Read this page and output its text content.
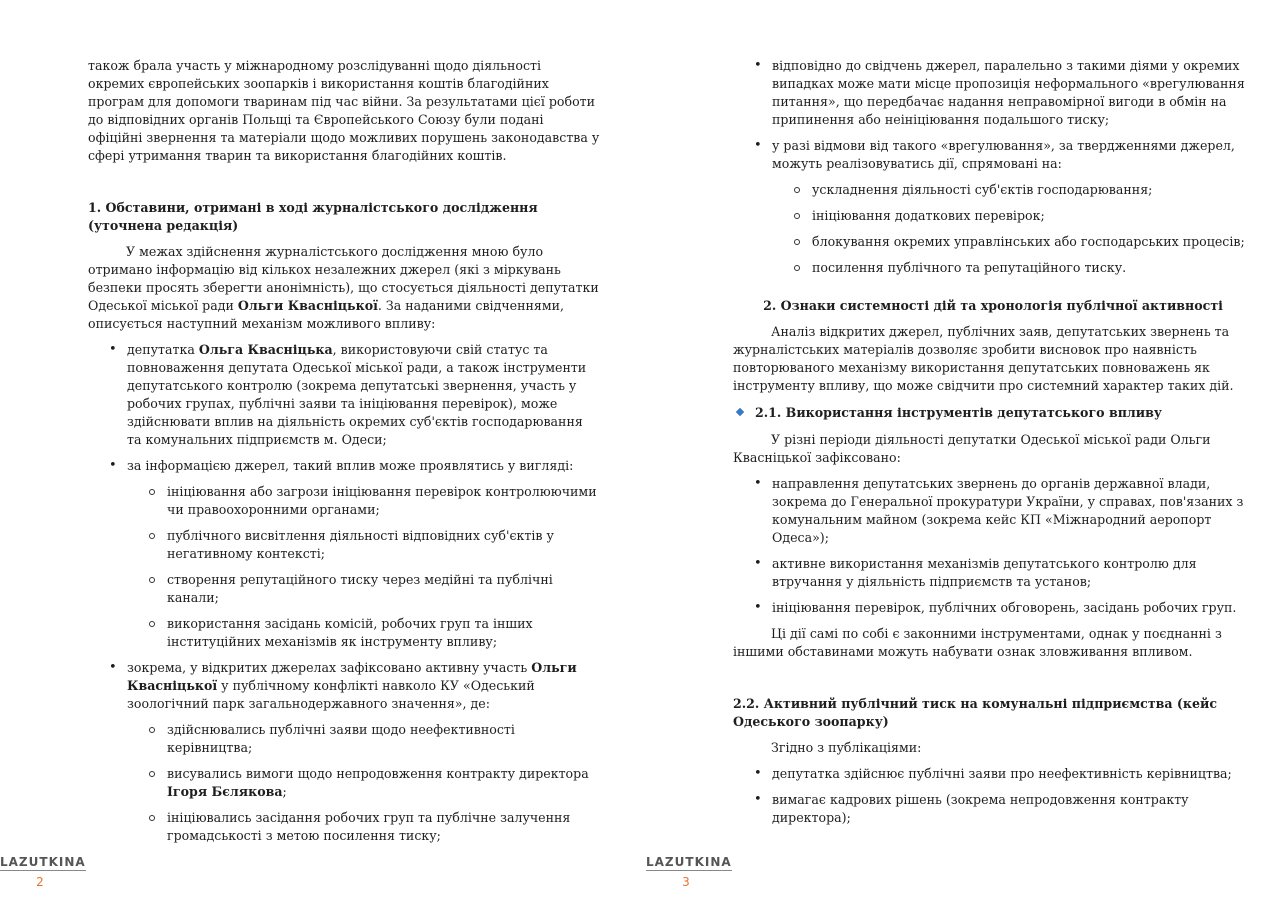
також брала участь у міжнародному розслідуванні щодо діяльності окремих європейських зоопарків і використання коштів благодійних програм для допомоги тваринам під час війни. За результатами цієї роботи до відповідних органів Польщі та Європейського Союзу були подані офіційні звернення та матеріали щодо можливих порушень законодавства у сфері утримання тварин та використання благодійних коштів.

1. Обставини, отримані в ході журналістського дослідження (уточнена редакція)

У межах здійснення журналістського дослідження мною було отримано інформацію від кількох незалежних джерел (які з міркувань безпеки просять зберегти анонімність), що стосується діяльності депутатки Одеської міської ради Ольги Квасніцької. За наданими свідченнями, описується наступний механізм можливого впливу:

• депутатка Ольга Квасніцька, використовуючи свій статус та повноваження депутата Одеської міської ради, а також інструменти депутатського контролю (зокрема депутатські звернення, участь у робочих групах, публічні заяви та ініціювання перевірок), може здійснювати вплив на діяльність окремих суб'єктів господарювання та комунальних підприємств м. Одеси;
• за інформацією джерел, такий вплив може проявлятись у вигляді:
ініціювання або загрози ініціювання перевірок контролюючими чи правоохоронними органами;
публічного висвітлення діяльності відповідних суб'єктів у негативному контексті;
створення репутаційного тиску через медійні та публічні канали;
використання засідань комісій, робочих груп та інших інституційних механізмів як інструменту впливу;
• зокрема, у відкритих джерелах зафіксовано активну участь Ольги Квасніцької у публічному конфлікті навколо КУ «Одеський зоологічний парк загальнодержавного значення», де:
здійснювались публічні заяви щодо неефективності керівництва;
висувались вимоги щодо непродовження контракту директора Ігоря Бєлякова;
ініціювались засідання робочих груп та публічне залучення громадськості з метою посилення тиску;
LAZUTKINA
2
• відповідно до свідчень джерел, паралельно з такими діями у окремих випадках може мати місце пропозиція неформального «врегулювання питання», що передбачає надання неправомірної вигоди в обмін на припинення або неініціювання подальшого тиску;
• у разі відмови від такого «врегулювання», за твердженнями джерел, можуть реалізовуватись дії, спрямовані на:
ускладнення діяльності суб'єктів господарювання;
ініціювання додаткових перевірок;
блокування окремих управлінських або господарських процесів;
посилення публічного та репутаційного тиску.
2. Ознаки системності дій та хронологія публічної активності

Аналіз відкритих джерел, публічних заяв, депутатських звернень та журналістських матеріалів дозволяє зробити висновок про наявність повторюваного механізму використання депутатських повноважень як інструменту впливу, що може свідчити про системний характер таких дій.

2.1. Використання інструментів депутатського впливу

У різні періоди діяльності депутатки Одеської міської ради Ольги Квасніцької зафіксовано:

• направлення депутатських звернень до органів державної влади, зокрема до Генеральної прокуратури України, у справах, пов'язаних з комунальним майном (зокрема кейс КП «Міжнародний аеропорт Одеса»);
• активне використання механізмів депутатського контролю для втручання у діяльність підприємств та установ;
• ініціювання перевірок, публічних обговорень, засідань робочих груп.

Ці дії самі по собі є законними інструментами, однак у поєднанні з іншими обставинами можуть набувати ознак зловживання впливом.

2.2. Активний публічний тиск на комунальні підприємства (кейс Одеського зоопарку)

Згідно з публікаціями:

• депутатка здійснює публічні заяви про неефективність керівництва;
• вимагає кадрових рішень (зокрема непродовження контракту директора);
LAZUTKINA
3
